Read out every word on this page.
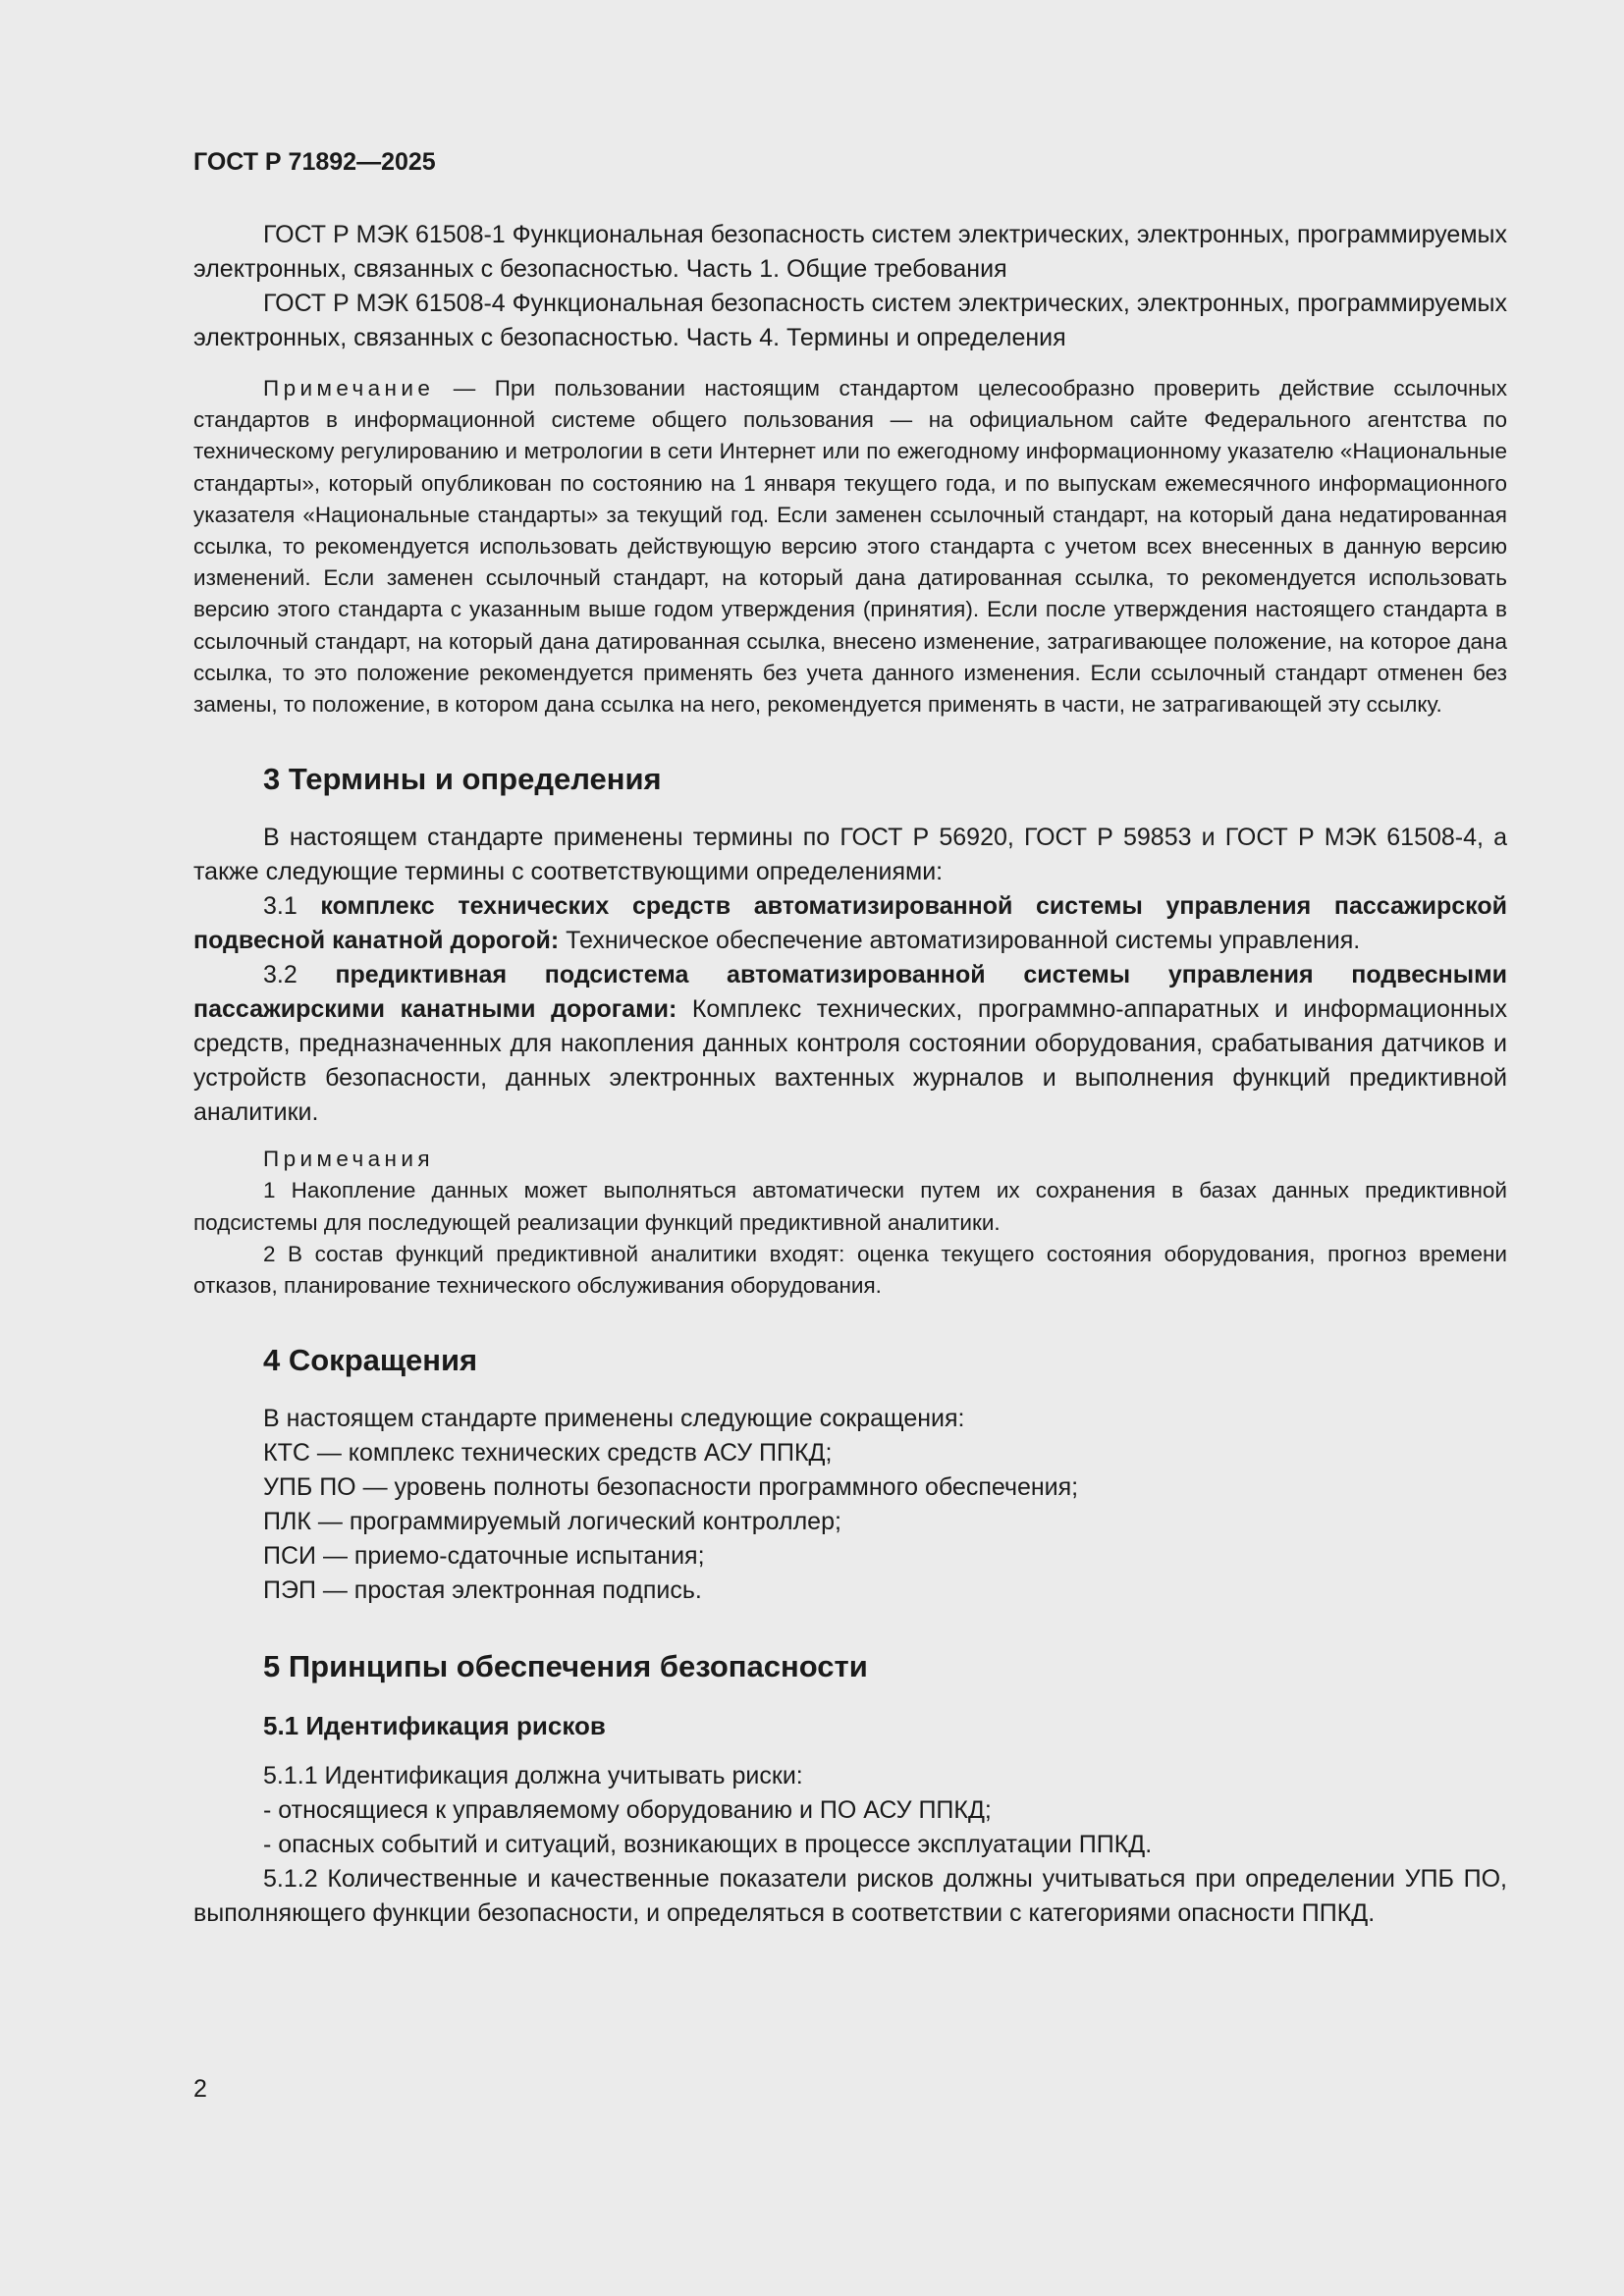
ГОСТ Р 71892—2025

ГОСТ Р МЭК 61508-1 Функциональная безопасность систем электрических, электронных, программируемых электронных, связанных с безопасностью. Часть 1. Общие требования

ГОСТ Р МЭК 61508-4 Функциональная безопасность систем электрических, электронных, программируемых электронных, связанных с безопасностью. Часть 4. Термины и определения

Примечание — При пользовании настоящим стандартом целесообразно проверить действие ссылочных стандартов в информационной системе общего пользования — на официальном сайте Федерального агентства по техническому регулированию и метрологии в сети Интернет или по ежегодному информационному указателю «Национальные стандарты», который опубликован по состоянию на 1 января текущего года, и по выпускам ежемесячного информационного указателя «Национальные стандарты» за текущий год. Если заменен ссылочный стандарт, на который дана недатированная ссылка, то рекомендуется использовать действующую версию этого стандарта с учетом всех внесенных в данную версию изменений. Если заменен ссылочный стандарт, на который дана датированная ссылка, то рекомендуется использовать версию этого стандарта с указанным выше годом утверждения (принятия). Если после утверждения настоящего стандарта в ссылочный стандарт, на который дана датированная ссылка, внесено изменение, затрагивающее положение, на которое дана ссылка, то это положение рекомендуется применять без учета данного изменения. Если ссылочный стандарт отменен без замены, то положение, в котором дана ссылка на него, рекомендуется применять в части, не затрагивающей эту ссылку.

3 Термины и определения

В настоящем стандарте применены термины по ГОСТ Р 56920, ГОСТ Р 59853 и ГОСТ Р МЭК 61508-4, а также следующие термины с соответствующими определениями:

3.1 комплекс технических средств автоматизированной системы управления пассажирской подвесной канатной дорогой: Техническое обеспечение автоматизированной системы управления.

3.2 предиктивная подсистема автоматизированной системы управления подвесными пассажирскими канатными дорогами: Комплекс технических, программно-аппаратных и информационных средств, предназначенных для накопления данных контроля состоянии оборудования, срабатывания датчиков и устройств безопасности, данных электронных вахтенных журналов и выполнения функций предиктивной аналитики.

Примечания

1 Накопление данных может выполняться автоматически путем их сохранения в базах данных предиктивной подсистемы для последующей реализации функций предиктивной аналитики.

2 В состав функций предиктивной аналитики входят: оценка текущего состояния оборудования, прогноз времени отказов, планирование технического обслуживания оборудования.

4 Сокращения

В настоящем стандарте применены следующие сокращения:

КТС — комплекс технических средств АСУ ППКД;

УПБ ПО — уровень полноты безопасности программного обеспечения;

ПЛК — программируемый логический контроллер;

ПСИ — приемо-сдаточные испытания;

ПЭП — простая электронная подпись.

5 Принципы обеспечения безопасности
5.1 Идентификация рисков

5.1.1 Идентификация должна учитывать риски:

- относящиеся к управляемому оборудованию и ПО АСУ ППКД;

- опасных событий и ситуаций, возникающих в процессе эксплуатации ППКД.

5.1.2 Количественные и качественные показатели рисков должны учитываться при определении УПБ ПО, выполняющего функции безопасности, и определяться в соответствии с категориями опасности ППКД.

2
